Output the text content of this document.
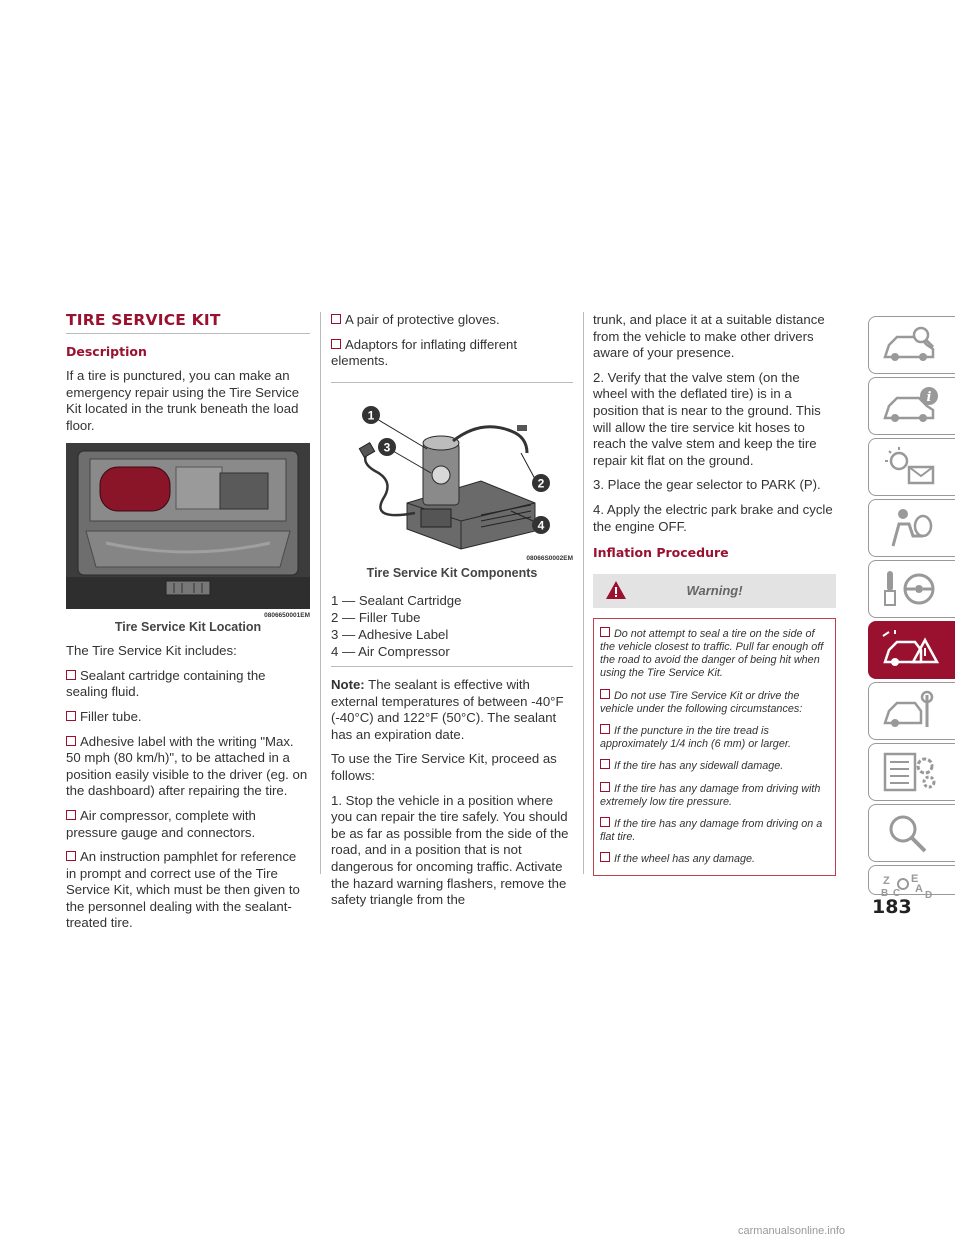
TIRE SERVICE KIT
Description

If a tire is punctured, you can make an emergency repair using the Tire Service Kit located in the trunk beneath the load floor.

0806650001EM
Tire Service Kit Location

The Tire Service Kit includes:

Sealant cartridge containing the sealing fluid.
Filler tube.
Adhesive label with the writing "Max. 50 mph (80 km/h)", to be attached in a position easily visible to the driver (eg. on the dashboard) after repairing the tire.
Air compressor, complete with pressure gauge and connectors.
An instruction pamphlet for reference in prompt and correct use of the Tire Service Kit, which must be then given to the personnel dealing with the sealant-treated tire.
A pair of protective gloves.
Adaptors for inflating different elements.
1
3
2
4
08066S0002EM
Tire Service Kit Components
1 — Sealant Cartridge
2 — Filler Tube
3 — Adhesive Label
4 — Air Compressor

Note: The sealant is effective with external temperatures of between -40°F (-40°C) and 122°F (50°C). The sealant has an expiration date.

To use the Tire Service Kit, proceed as follows:

1. Stop the vehicle in a position where you can repair the tire safely. You should be as far as possible from the side of the road, and in a position that is not dangerous for oncoming traffic. Activate the hazard warning flashers, remove the safety triangle from the

trunk, and place it at a suitable distance from the vehicle to make other drivers aware of your presence.

2. Verify that the valve stem (on the wheel with the deflated tire) is in a position that is near to the ground. This will allow the tire service kit hoses to reach the valve stem and keep the tire repair kit flat on the ground.

3. Place the gear selector to PARK (P).

4. Apply the electric park brake and cycle the engine OFF.

Inflation Procedure
Warning!
Do not attempt to seal a tire on the side of the vehicle closest to traffic. Pull far enough off the road to avoid the danger of being hit when using the Tire Service Kit.
Do not use Tire Service Kit or drive the vehicle under the following circumstances:
If the puncture in the tire tread is approximately 1/4 inch (6 mm) or larger.
If the tire has any sidewall damage.
If the tire has any damage from driving with extremely low tire pressure.
If the tire has any damage from driving on a flat tire.
If the wheel has any damage.
i
Z E
B C A
D
183
carmanualsonline.info
